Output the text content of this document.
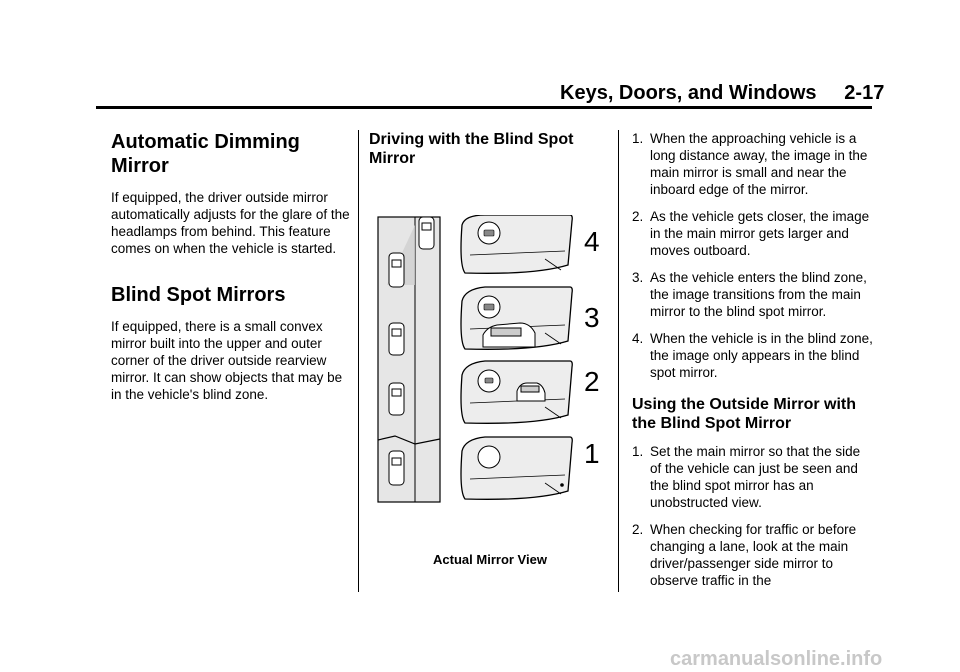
Keys, Doors, and Windows     2-17
Automatic Dimming Mirror

If equipped, the driver outside mirror automatically adjusts for the glare of the headlamps from behind. This feature comes on when the vehicle is started.

Blind Spot Mirrors

If equipped, there is a small convex mirror built into the upper and outer corner of the driver outside rearview mirror. It can show objects that may be in the vehicle's blind zone.

Driving with the Blind Spot Mirror
4
3
2
1
Actual Mirror View
1. When the approaching vehicle is a long distance away, the image in the main mirror is small and near the inboard edge of the mirror.
2. As the vehicle gets closer, the image in the main mirror gets larger and moves outboard.
3. As the vehicle enters the blind zone, the image transitions from the main mirror to the blind spot mirror.
4. When the vehicle is in the blind zone, the image only appears in the blind spot mirror.
Using the Outside Mirror with the Blind Spot Mirror
1. Set the main mirror so that the side of the vehicle can just be seen and the blind spot mirror has an unobstructed view.
2. When checking for traffic or before changing a lane, look at the main driver/passenger side mirror to observe traffic in the
carmanualsonline.info
